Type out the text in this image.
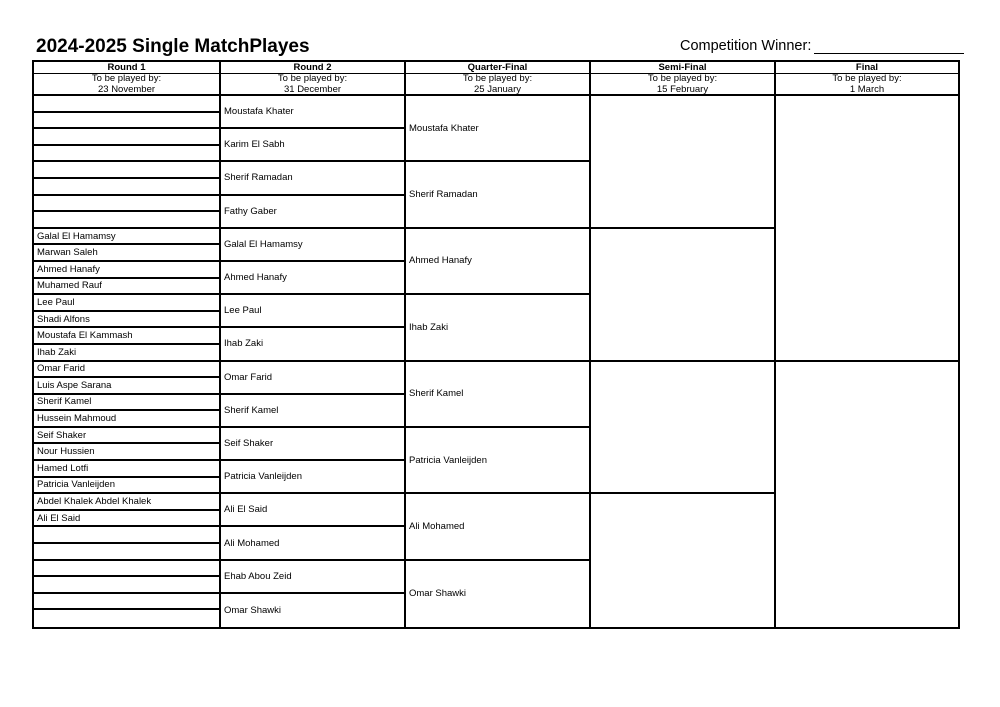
2024-2025 Single MatchPlayes	Competition Winner:
Round 1
To be played by:
23 November
Galal El Hamamsy
Marwan Saleh
Ahmed Hanafy
Muhamed Rauf
Lee Paul
Shadi Alfons
Moustafa El Kammash
Ihab Zaki
Omar Farid
Luis Aspe Sarana
Sherif Kamel
Hussein Mahmoud
Seif Shaker
Nour Hussien
Hamed Lotfi
Patricia Vanleijden
Abdel Khalek Abdel Khalek
Ali El Said
Round 2
To be played by:
31 December
Moustafa Khater
Karim El Sabh
Sherif Ramadan
Fathy Gaber
Galal El Hamamsy
Ahmed Hanafy
Lee Paul
Ihab Zaki
Omar Farid
Sherif Kamel
Seif Shaker
Patricia Vanleijden
Ali El Said
Ali Mohamed
Ehab Abou Zeid
Omar Shawki
Quarter-Final
To be played by:
25 January
Moustafa Khater
Sherif Ramadan
Ahmed Hanafy
Ihab Zaki
Sherif Kamel
Patricia Vanleijden
Ali Mohamed
Omar Shawki
Semi-Final
To be played by:
15 February
Final
To be played by:
1 March
